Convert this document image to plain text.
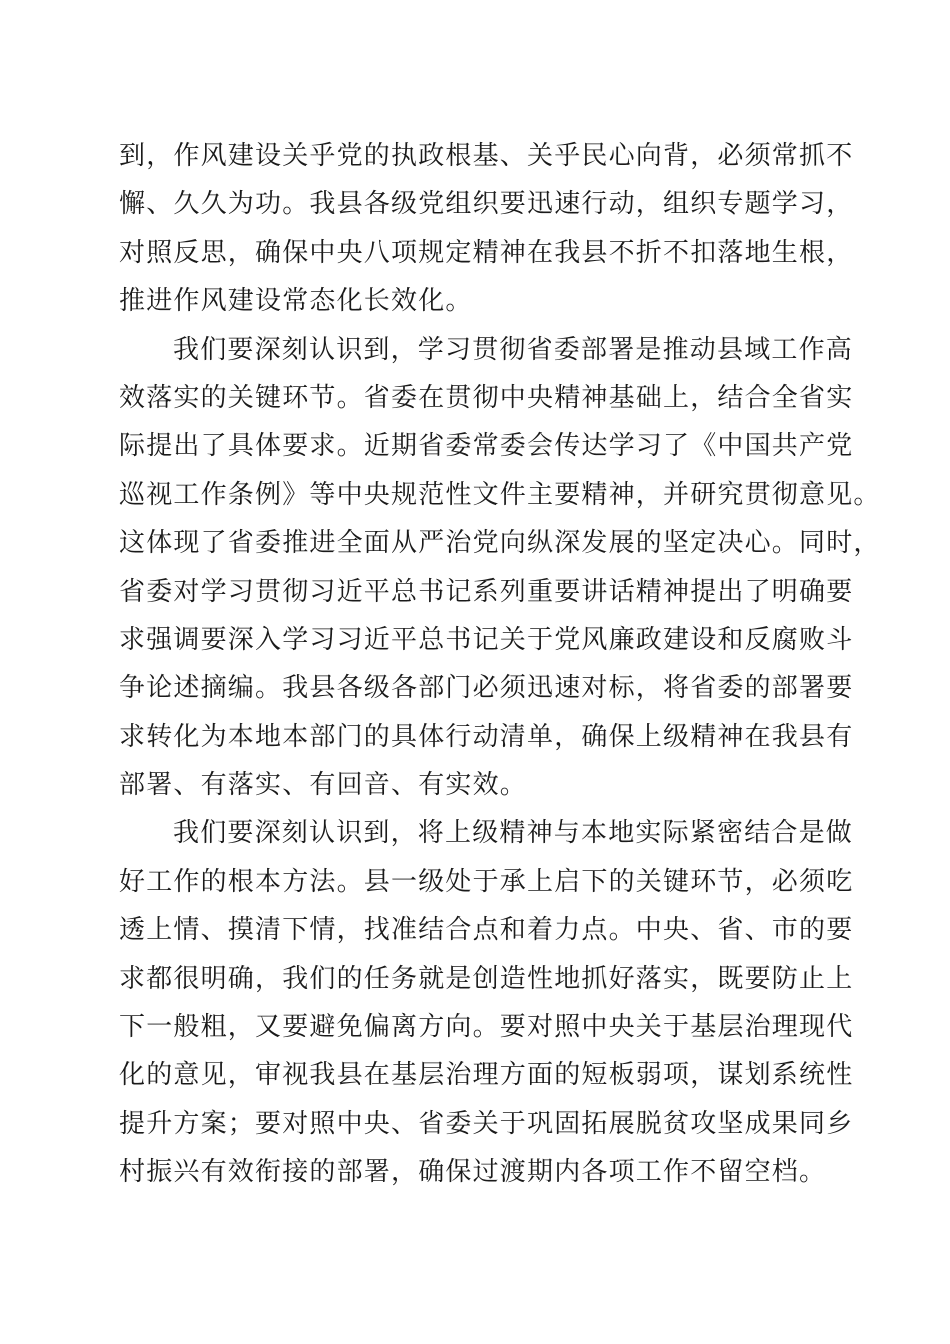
到，作风建设关乎党的执政根基、关乎民心向背，必须常抓不
懈、久久为功。我县各级党组织要迅速行动，组织专题学习，
对照反思，确保中央八项规定精神在我县不折不扣落地生根，
推进作风建设常态化长效化。
我们要深刻认识到，学习贯彻省委部署是推动县域工作高
效落实的关键环节。省委在贯彻中央精神基础上，结合全省实
际提出了具体要求。近期省委常委会传达学习了《中国共产党
巡视工作条例》等中央规范性文件主要精神，并研究贯彻意见。
这体现了省委推进全面从严治党向纵深发展的坚定决心。同时，
省委对学习贯彻习近平总书记系列重要讲话精神提出了明确要
求强调要深入学习习近平总书记关于党风廉政建设和反腐败斗
争论述摘编。我县各级各部门必须迅速对标，将省委的部署要
求转化为本地本部门的具体行动清单，确保上级精神在我县有
部署、有落实、有回音、有实效。
我们要深刻认识到，将上级精神与本地实际紧密结合是做
好工作的根本方法。县一级处于承上启下的关键环节，必须吃
透上情、摸清下情，找准结合点和着力点。中央、省、市的要
求都很明确，我们的任务就是创造性地抓好落实，既要防止上
下一般粗，又要避免偏离方向。要对照中央关于基层治理现代
化的意见，审视我县在基层治理方面的短板弱项，谋划系统性
提升方案；要对照中央、省委关于巩固拓展脱贫攻坚成果同乡
村振兴有效衔接的部署，确保过渡期内各项工作不留空档。
